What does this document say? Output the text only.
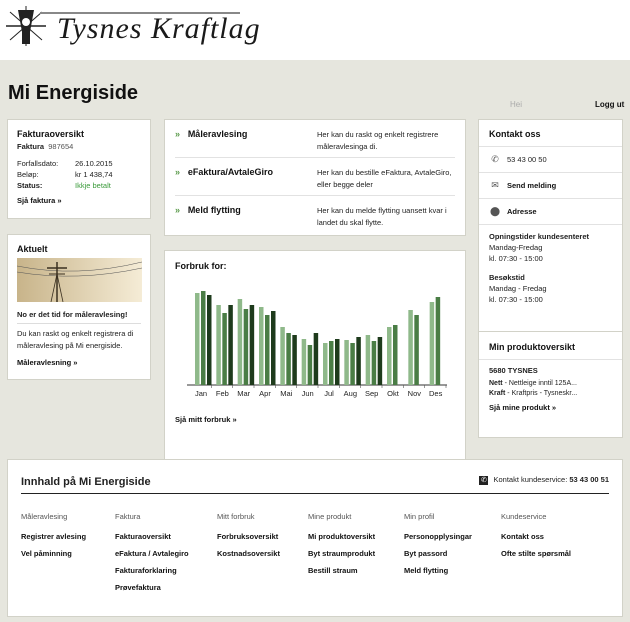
Tysnes Kraftlag
Mi Energiside
Hei	Logg ut
Fakturaoversikt
Faktura
987654
Forfallsdato:	26.10.2015
Beløp:	kr 1 438,74
Status:	Ikkje betalt
Sjå faktura »
Aktuelt
No er det tid for måleravlesing!
Du kan raskt og enkelt registrera di måleravlesing på Mi energiside.
Måleravlesning »
» Måleravlesing	Her kan du raskt og enkelt registrere måleravlesinga di.
» eFaktura/AvtaleGiro	Her kan du bestille eFaktura, AvtaleGiro, eller begge deler
» Meld flytting	Her kan du melde flytting uansett kvar i landet du skal flytte.
Forbruk for:
Jan Feb Mar Apr Mai Jun Jul Aug Sep Okt Nov Des
Sjå mitt forbruk »
Kontakt oss
✆ 53 43 00 50
✉ Send melding
⬤ Adresse
Opningstider kundesenteret
Mandag-Fredag
kl. 07:30 - 15:00
Besøkstid
Mandag - Fredag
kl. 07:30 - 15:00
Min produktoversikt
5680 TYSNES
Nett - Nettleige inntil 125A...
Kraft - Kraftpris - Tysneskr...
Sjå mine produkt »
Innhald på Mi Energiside	✆ Kontakt kundeservice: 53 43 00 51
Måleravlesing
Registrer avlesing
Vel påminning
Faktura
Fakturaoversikt
eFaktura / Avtalegiro
Fakturaforklaring
Prøvefaktura
Mitt forbruk
Forbruksoversikt
Kostnadsoversikt
Mine produkt
Mi produktoversikt
Byt straumprodukt
Bestill straum
Min profil
Personopplysingar
Byt passord
Meld flytting
Kundeservice
Kontakt oss
Ofte stilte spørsmål
